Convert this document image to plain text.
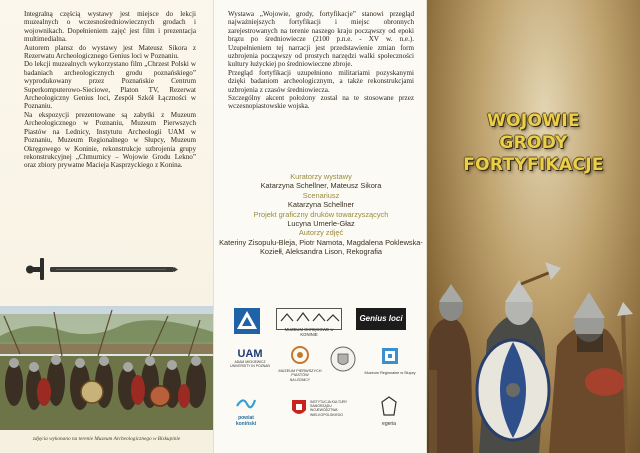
Integralną częścią wystawy jest miejsce do lekcji muzealnych o wczesnośredniowiecznych grodach i wojownikach. Dopełnieniem zajęć jest film i prezentacja multimedialna.

Autorem plansz do wystawy jest Mateusz Sikora z Rezerwatu Archeologicznego Genius loci w Poznaniu.

Do lekcji muzealnych wykorzystano film „Chrzest Polski w badaniach archeologicznych grodu poznańskiego” wyprodukowany przez Poznańskie Centrum Superkomputerowo-Sieciowe, Platon TV, Rezerwat Archeologiczny Genius loci, Zespół Szkół Łączności w Poznaniu.

Na ekspozycji prezentowane są zabytki z Muzeum Archeologicznego w Poznaniu, Muzeum Pierwszych Piastów na Lednicy, Instytutu Archeologii UAM w Poznaniu, Muzeum Regionalnego w Słupcy, Muzeum Okręgowego w Koninie, rekonstrukcje uzbrojenia grupy rekonstrukcyjnej „Chmurnicy – Wojowie Grodu Lekno” oraz zbiory prywatne Macieja Kasprzyckiego z Konina.

zdjęcia wykonano na terenie Muzeum Archeologicznego w Biskupinie

Wystawa „Wojowie, grody, fortyfikacje” stanowi przegląd najważniejszych fortyfikacji i miejsc obronnych zarejestrowanych na terenie naszego kraju począwszy od epoki brązu po średniowiecze (2100 p.n.e. - XV w. n.e.). Uzupełnieniem tej narracji jest przedstawienie zmian form uzbrojenia począwszy od prostych narzędzi walki społeczności kultury łużyckiej po średniowieczne zbroje.

Przegląd fortyfikacji uzupełniono militariami pozyskanymi dzięki badaniom archeologicznym, a także rekonstrukcjami uzbrojenia z czasów średniowiecza.

Szczególny akcent położony został na te stosowane przez wczesnopiastowskie wojska.

Kuratorzy wystawy
Katarzyna Schellner, Mateusz Sikora
Scenariusz
Katarzyna Schellner
Projekt graficzny druków towarzyszących
Lucyna Umerle-Głaz
Autorzy zdjęć
Kateriny Zisopulu-Bleja, Piotr Namota, Magdalena Poklewska-Koziełł, Aleksandra Lison, Rekografia
MUZEUM OKRĘGOWE w KONINIE
Genius loci
UAM
ADAM MICKIEWICZ UNIVERSITY IN POZNAŃ
MUZEUM PIERWSZYCH PIASTÓW
NA LEDNICY
Muzeum Regionalne w Słupcy
powiat koniński
INSTYTUCJA KULTURY SAMORZĄDU WOJEWÓDZTWA WIELKOPOLSKIEGO
egeria
WOJOWIE
GRODY
FORTYFIKACJE
